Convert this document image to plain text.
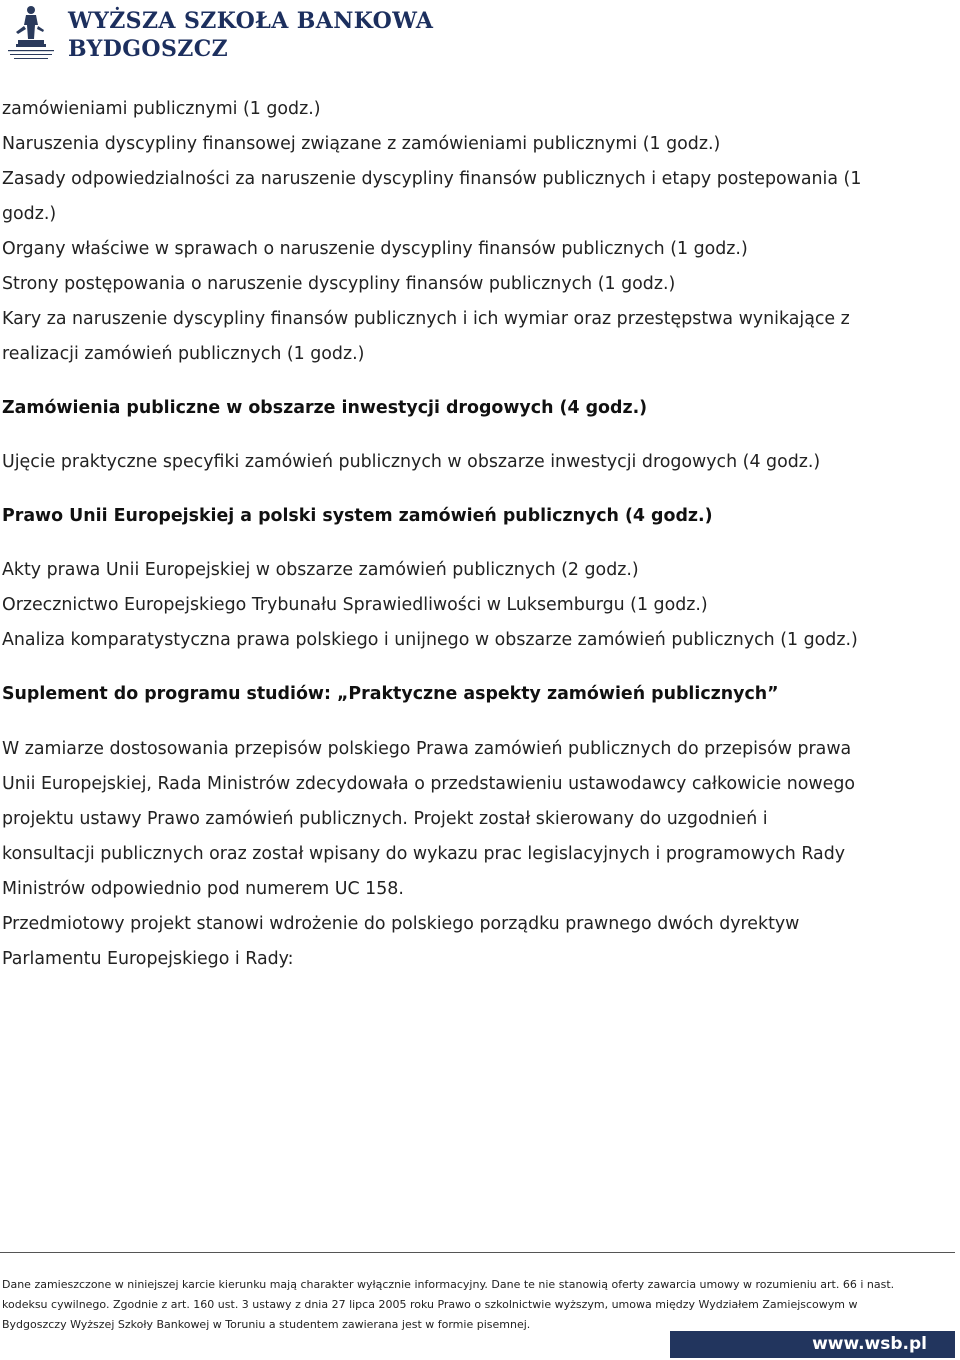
WYŻSZA SZKOŁA BANKOWA
BYDGOSZCZ
zamówieniami publicznymi (1 godz.)
Naruszenia dyscypliny finansowej związane z zamówieniami publicznymi (1 godz.)
Zasady odpowiedzialności za naruszenie dyscypliny finansów publicznych i etapy postepowania (1
godz.)
Organy właściwe w sprawach o naruszenie dyscypliny finansów publicznych (1 godz.)
Strony postępowania o naruszenie dyscypliny finansów publicznych (1 godz.)
Kary za naruszenie dyscypliny finansów publicznych i ich wymiar oraz przestępstwa wynikające z
realizacji zamówień publicznych (1 godz.)
Zamówienia publiczne w obszarze inwestycji drogowych (4 godz.)
Ujęcie praktyczne specyfiki zamówień publicznych w obszarze inwestycji drogowych (4 godz.)
Prawo Unii Europejskiej a polski system zamówień publicznych (4 godz.)
Akty prawa Unii Europejskiej w obszarze zamówień publicznych (2 godz.)
Orzecznictwo Europejskiego Trybunału Sprawiedliwości w Luksemburgu (1 godz.)
Analiza komparatystyczna prawa polskiego i unijnego w obszarze zamówień publicznych (1 godz.)
Suplement do programu studiów: „Praktyczne aspekty zamówień publicznych”
W zamiarze dostosowania przepisów polskiego Prawa zamówień publicznych do przepisów prawa
Unii Europejskiej, Rada Ministrów zdecydowała o przedstawieniu ustawodawcy całkowicie nowego
projektu ustawy Prawo zamówień publicznych. Projekt został skierowany do uzgodnień i
konsultacji publicznych oraz został wpisany do wykazu prac legislacyjnych i programowych Rady
Ministrów odpowiednio pod numerem UC 158.
Przedmiotowy projekt stanowi wdrożenie do polskiego porządku prawnego dwóch dyrektyw
Parlamentu Europejskiego i Rady:
Dane zamieszczone w niniejszej karcie kierunku mają charakter wyłącznie informacyjny. Dane te nie stanowią oferty zawarcia umowy w rozumieniu art. 66 i nast.
kodeksu cywilnego. Zgodnie z art. 160 ust. 3 ustawy z dnia 27 lipca 2005 roku Prawo o szkolnictwie wyższym, umowa między Wydziałem Zamiejscowym w
Bydgoszczy Wyższej Szkoły Bankowej w Toruniu a studentem zawierana jest w formie pisemnej.
www.wsb.pl
